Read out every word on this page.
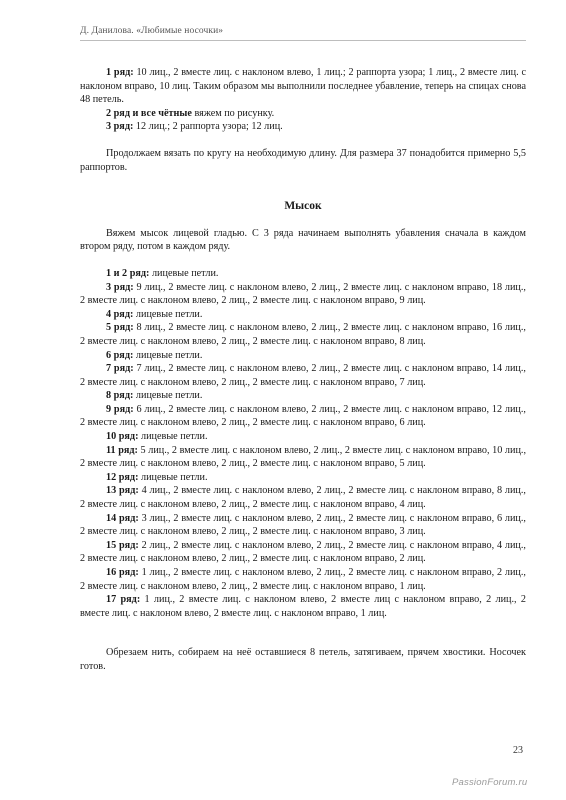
Д. Данилова. «Любимые носочки»

1 ряд: 10 лиц., 2 вместе лиц. с наклоном влево, 1 лиц.; 2 раппорта узора; 1 лиц., 2 вместе лиц. с наклоном вправо, 10 лиц. Таким образом мы выполнили последнее убавление, теперь на спицах снова 48 петель.

2 ряд и все чётные вяжем по рисунку.

3 ряд: 12 лиц.; 2 раппорта узора; 12 лиц.

Продолжаем вязать по кругу на необходимую длину. Для размера 37 понадобится примерно 5,5 раппортов.

Мысок

Вяжем мысок лицевой гладью. С 3 ряда начинаем выполнять убавления сначала в каждом втором ряду, потом в каждом ряду.

1 и 2 ряд: лицевые петли.

3 ряд: 9 лиц., 2 вместе лиц. с наклоном влево, 2 лиц., 2 вместе лиц. с наклоном вправо, 18 лиц., 2 вместе лиц. с наклоном влево, 2 лиц., 2 вместе лиц. с наклоном вправо, 9 лиц.

4 ряд: лицевые петли.

5 ряд: 8 лиц., 2 вместе лиц. с наклоном влево, 2 лиц., 2 вместе лиц. с наклоном вправо, 16 лиц., 2 вместе лиц. с наклоном влево, 2 лиц., 2 вместе лиц. с наклоном вправо, 8 лиц.

6 ряд: лицевые петли.

7 ряд: 7 лиц., 2 вместе лиц. с наклоном влево, 2 лиц., 2 вместе лиц. с наклоном вправо, 14 лиц., 2 вместе лиц. с наклоном влево, 2 лиц., 2 вместе лиц. с наклоном вправо, 7 лиц.

8 ряд: лицевые петли.

9 ряд: 6 лиц., 2 вместе лиц. с наклоном влево, 2 лиц., 2 вместе лиц. с наклоном вправо, 12 лиц., 2 вместе лиц. с наклоном влево, 2 лиц., 2 вместе лиц. с наклоном вправо, 6 лиц.

10 ряд: лицевые петли.

11 ряд: 5 лиц., 2 вместе лиц. с наклоном влево, 2 лиц., 2 вместе лиц. с наклоном вправо, 10 лиц., 2 вместе лиц. с наклоном влево, 2 лиц., 2 вместе лиц. с наклоном вправо, 5 лиц.

12 ряд: лицевые петли.

13 ряд: 4 лиц., 2 вместе лиц. с наклоном влево, 2 лиц., 2 вместе лиц. с наклоном вправо, 8 лиц., 2 вместе лиц. с наклоном влево, 2 лиц., 2 вместе лиц. с наклоном вправо, 4 лиц.

14 ряд: 3 лиц., 2 вместе лиц. с наклоном влево, 2 лиц., 2 вместе лиц. с наклоном вправо, 6 лиц., 2 вместе лиц. с наклоном влево, 2 лиц., 2 вместе лиц. с наклоном вправо, 3 лиц.

15 ряд: 2 лиц., 2 вместе лиц. с наклоном влево, 2 лиц., 2 вместе лиц. с наклоном вправо, 4 лиц., 2 вместе лиц. с наклоном влево, 2 лиц., 2 вместе лиц. с наклоном вправо, 2 лиц.

16 ряд: 1 лиц., 2 вместе лиц. с наклоном влево, 2 лиц., 2 вместе лиц. с наклоном вправо, 2 лиц., 2 вместе лиц. с наклоном влево, 2 лиц., 2 вместе лиц. с наклоном вправо, 1 лиц.

17 ряд: 1 лиц., 2 вместе лиц. с наклоном влево, 2 вместе лиц с наклоном вправо, 2 лиц., 2 вместе лиц. с наклоном влево, 2 вместе лиц. с наклоном вправо, 1 лиц.

Обрезаем нить, собираем на неё оставшиеся 8 петель, затягиваем, прячем хвостики. Носочек готов.

23
PassionForum.ru
